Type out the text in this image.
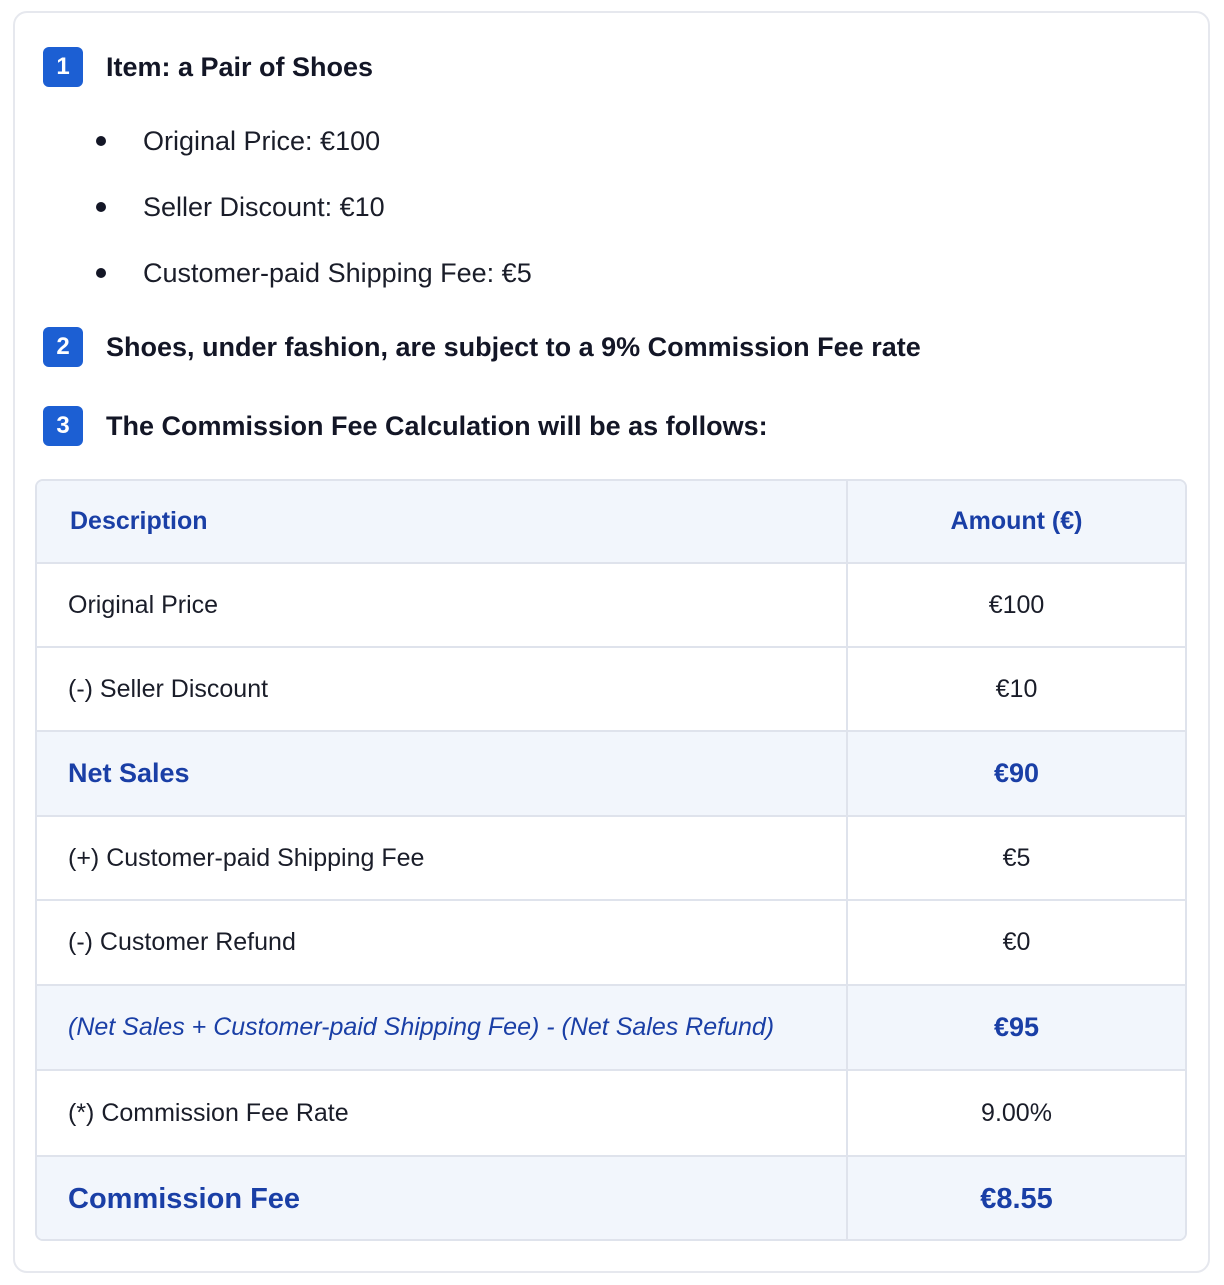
1	Item: a Pair of Shoes
Original Price: €100
Seller Discount: €10
Customer-paid Shipping Fee: €5
2	Shoes, under fashion, are subject to a 9% Commission Fee rate
3	The Commission Fee Calculation will be as follows:
Description	Amount (€)
Original Price	€100
(-) Seller Discount	€10
Net Sales	€90
(+) Customer-paid Shipping Fee	€5
(-) Customer Refund	€0
(Net Sales + Customer-paid Shipping Fee) - (Net Sales Refund)	€95
(*) Commission Fee Rate	9.00%
Commission Fee	€8.55
